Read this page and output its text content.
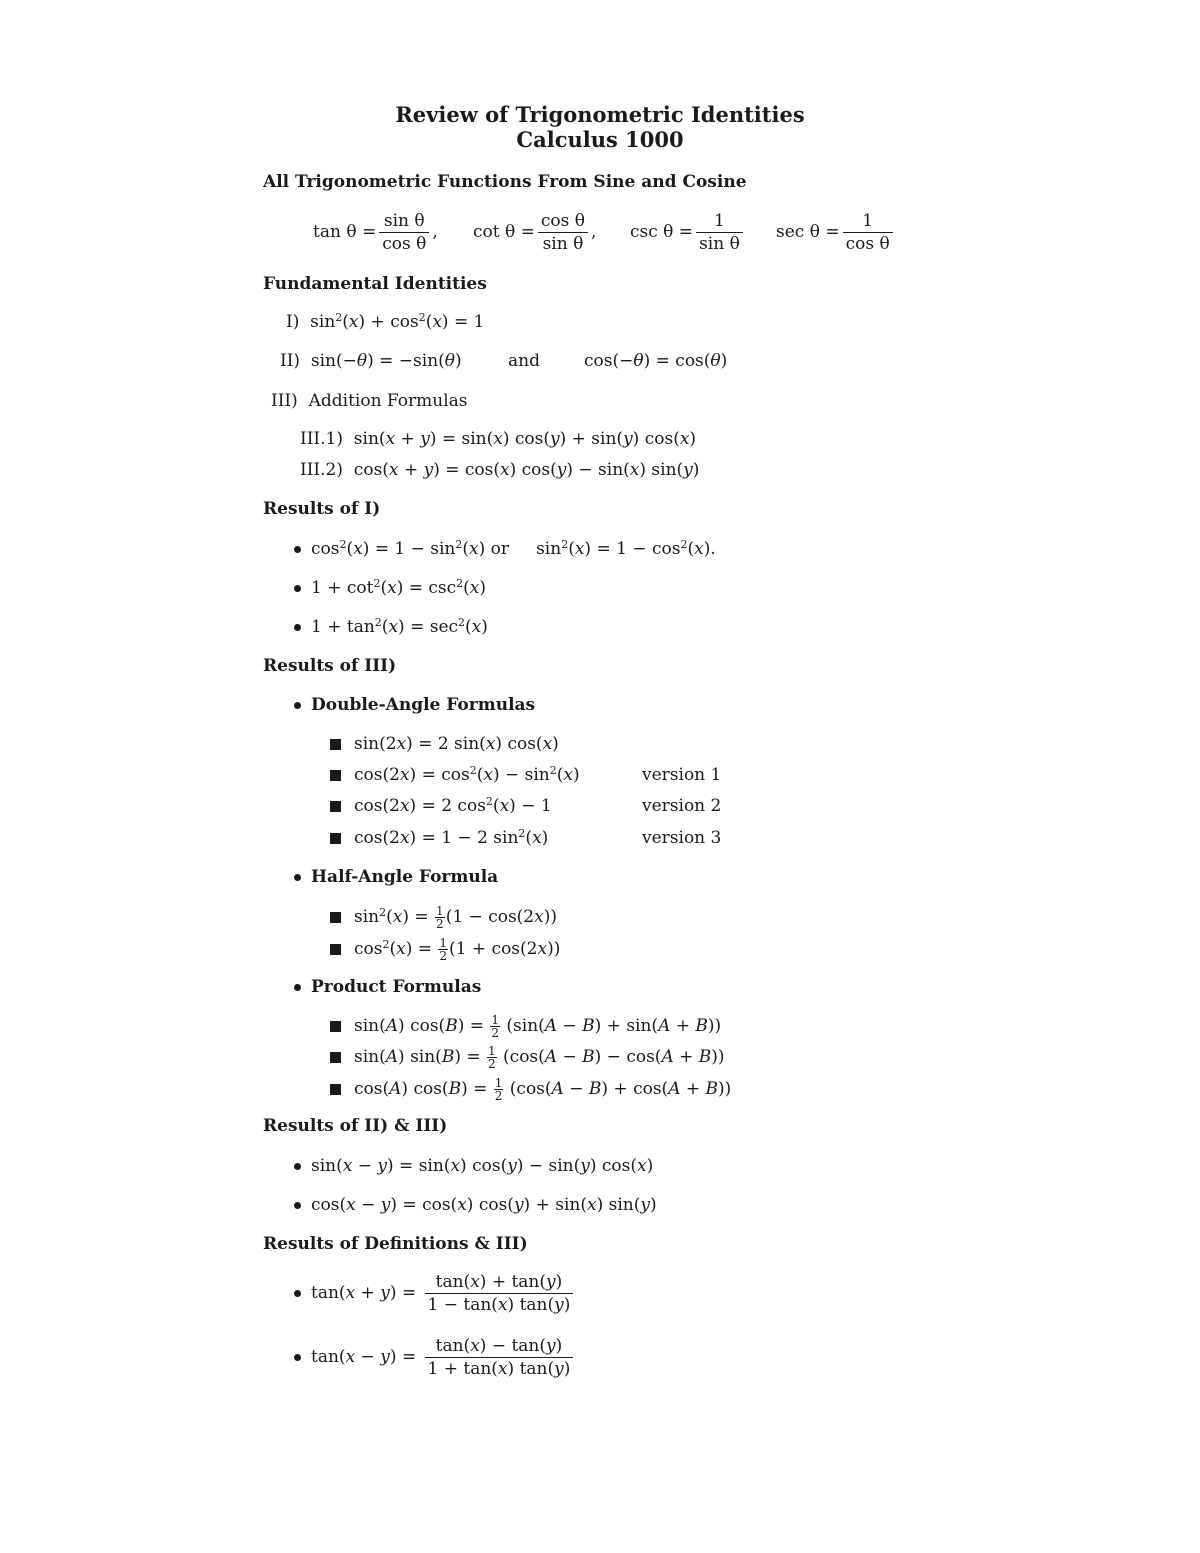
Review of Trigonometric Identities
Calculus 1000
All Trigonometric Functions From Sine and Cosine
$\tan \theta = \frac{\text{sin θ}}{\text{cos θ}}$ , $\cot \theta = \frac{\text{cos θ}}{\text{sin θ}}$ , $\csc \theta = \frac{1}{\text{sin θ}}$ $\sec \theta = \frac{1}{\text{cos θ}}$
Fundamental Identities
I)  $\sin^2(x) + \cos^2(x) = 1$
II)  sin(−θ) = −sin(θ)	and	cos(−θ) = cos(θ)
III) Addition Formulas
III.1)  sin(x + y) = sin(x) cos(y) + sin(y) cos(x)
III.2)  cos(x + y) = cos(x) cos(y) − sin(x) sin(y)
Results of I)
$\cos^2(x) = 1 - \sin^2(x)$ or     $\sin^2(x) = 1 - \cos^2(x)$.
$1 + \cot^2(x) = \csc^2(x)$
$1 + \tan^2(x) = \sec^2(x)$
Results of III)
Double-Angle Formulas
sin(2x) = 2 sin(x) cos(x)
$\cos(2x) = \cos^2(x) - \sin^2(x)$	version 1
cos(2x) = 2 $\cos^2(x) - 1$	version 2
cos(2x) = 1 − 2 $\sin^2(x)$	version 3
Half-Angle Formula
$\sin^2(x) = \frac{1}{2} (1 - \cos(2x))$
$\cos^2(x) = \frac{1}{2} (1 + \cos(2x))$
Product Formulas
sin(A) $\cos(B) = \frac{1}{2} (\sin(A - B) + \sin(A + B))$
sin(A) $\sin(B) = \frac{1}{2} (\cos(A - B) - \cos(A + B))$
cos(A) $\cos(B) = \frac{1}{2} (\cos(A - B) + \cos(A + B))$
Results of II) & III)
sin(x − y) = sin(x) cos(y) − sin(y) cos(x)
cos(x − y) = cos(x) cos(y) + sin(x) sin(y)
Results of Definitions & III)
$\tan(x + y) = \frac{\tan(x) + \tan(y)}{1 - \tan(x) \tan(y)}$
$\tan(x - y) = \frac{\tan(x) - \tan(y)}{1 + \tan(x) \tan(y)}$
